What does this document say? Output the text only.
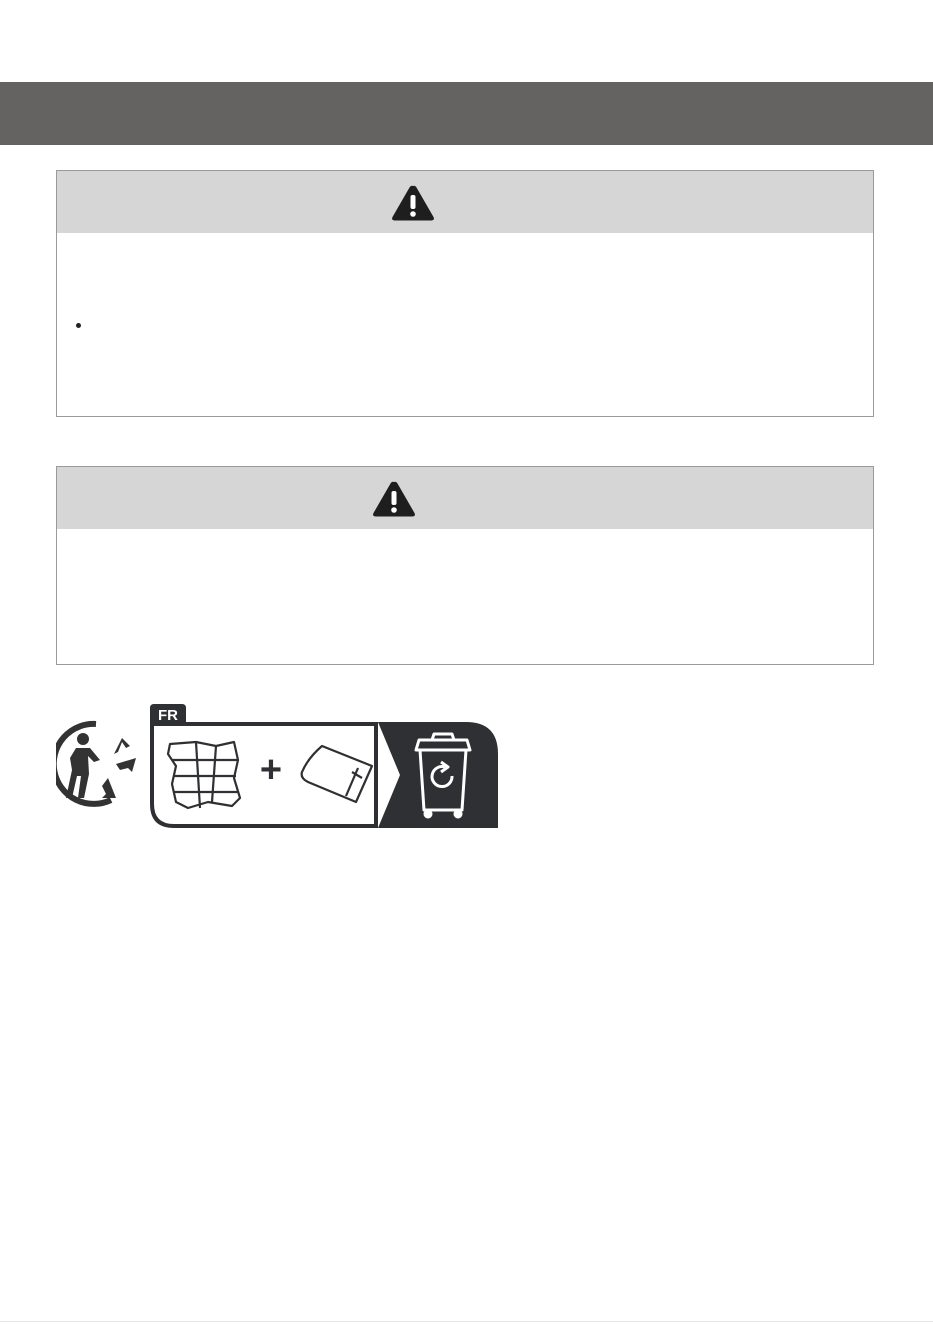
FR
+
